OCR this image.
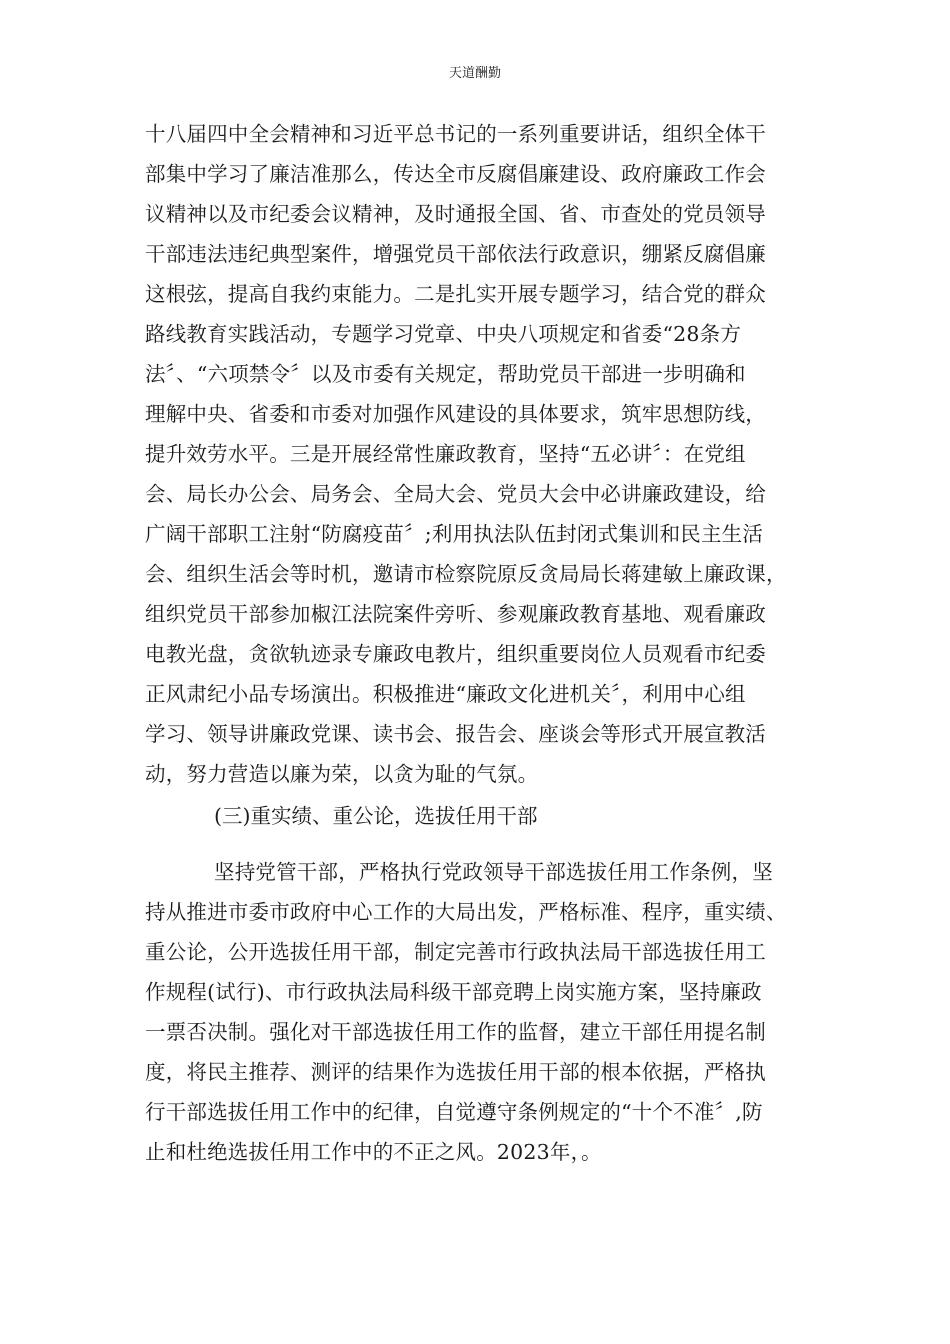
天道酬勤
十八届四中全会精神和习近平总书记的一系列重要讲话，组织全体干
部集中学习了廉洁准那么，传达全市反腐倡廉建设、政府廉政工作会
议精神以及市纪委会议精神，及时通报全国、省、市查处的党员领导
干部违法违纪典型案件，增强党员干部依法行政意识，绷紧反腐倡廉
这根弦，提高自我约束能力。二是扎实开展专题学习，结合党的群众
路线教育实践活动，专题学习党章、中央八项规定和省委“28条方
法〞、“六项禁令〞以及市委有关规定，帮助党员干部进一步明确和
理解中央、省委和市委对加强作风建设的具体要求，筑牢思想防线，
提升效劳水平。三是开展经常性廉政教育，坚持“五必讲〞：在党组
会、局长办公会、局务会、全局大会、党员大会中必讲廉政建设，给
广阔干部职工注射“防腐疫苗〞;利用执法队伍封闭式集训和民主生活
会、组织生活会等时机，邀请市检察院原反贪局局长蒋建敏上廉政课，
组织党员干部参加椒江法院案件旁听、参观廉政教育基地、观看廉政
电教光盘，贪欲轨迹录专廉政电教片，组织重要岗位人员观看市纪委
正风肃纪小品专场演出。积极推进“廉政文化进机关〞，利用中心组
学习、领导讲廉政党课、读书会、报告会、座谈会等形式开展宣教活
动，努力营造以廉为荣，以贪为耻的气氛。
(三)重实绩、重公论，选拔任用干部
坚持党管干部，严格执行党政领导干部选拔任用工作条例，坚
持从推进市委市政府中心工作的大局出发，严格标准、程序，重实绩、
重公论，公开选拔任用干部，制定完善市行政执法局干部选拔任用工
作规程(试行)、市行政执法局科级干部竞聘上岗实施方案，坚持廉政
一票否决制。强化对干部选拔任用工作的监督，建立干部任用提名制
度，将民主推荐、测评的结果作为选拔任用干部的根本依据，严格执
行干部选拔任用工作中的纪律，自觉遵守条例规定的“十个不准〞,防
止和杜绝选拔任用工作中的不正之风。2023年，。
